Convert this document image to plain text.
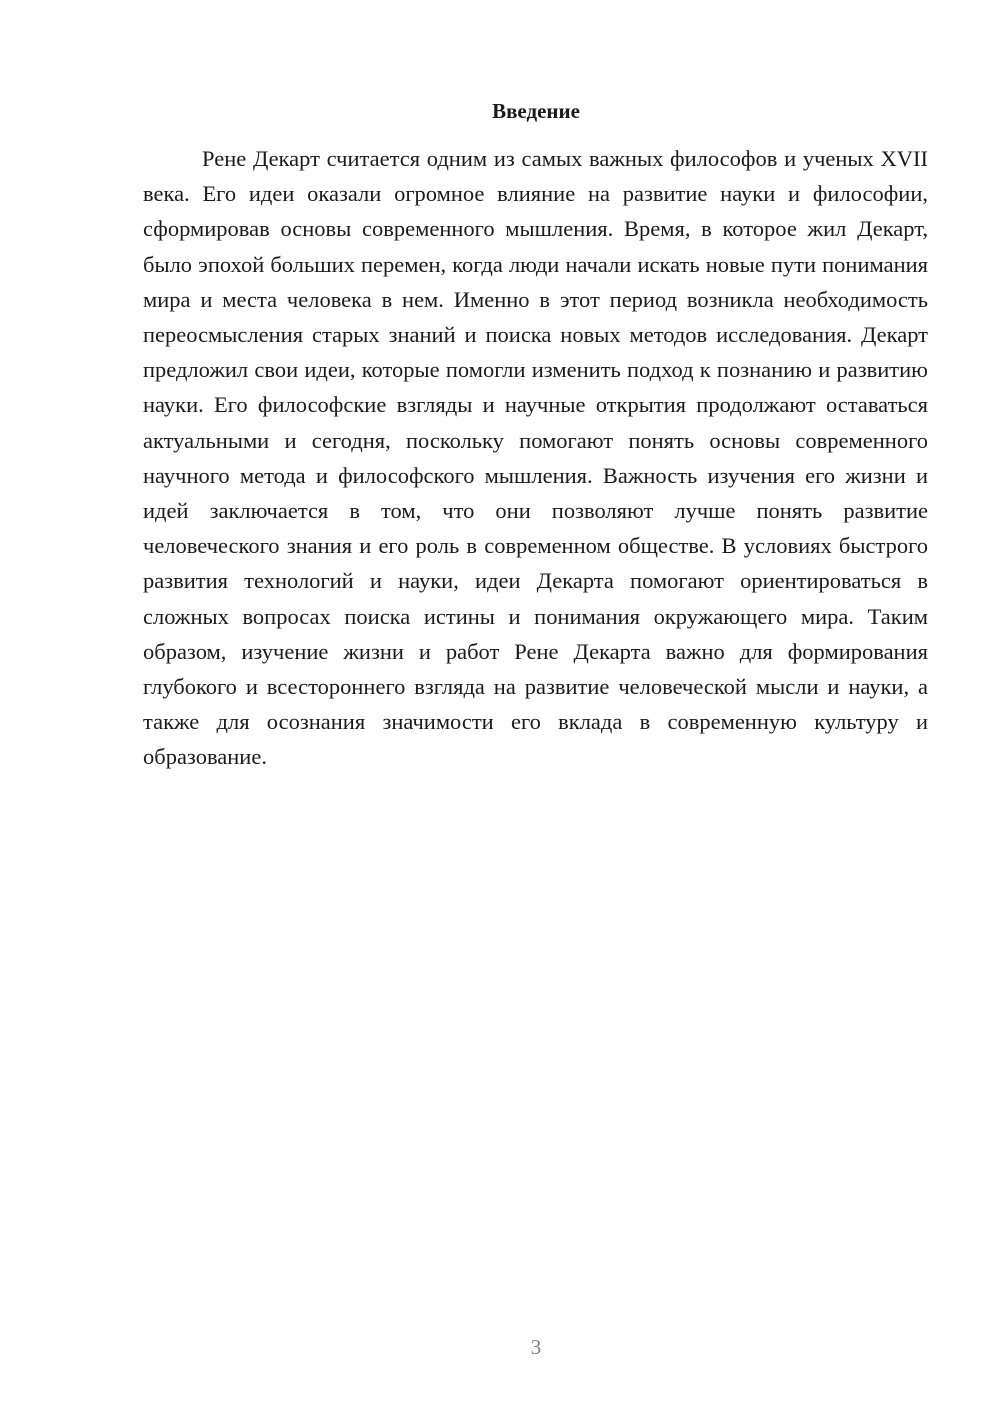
Введение

Рене Декарт считается одним из самых важных философов и ученых XVII века. Его идеи оказали огромное влияние на развитие науки и философии, сформировав основы современного мышления. Время, в которое жил Декарт, было эпохой больших перемен, когда люди начали искать новые пути понимания мира и места человека в нем. Именно в этот период возникла необходимость переосмысления старых знаний и поиска новых методов исследования. Декарт предложил свои идеи, которые помогли изменить подход к познанию и развитию науки. Его философские взгляды и научные открытия продолжают оставаться актуальными и сегодня, поскольку помогают понять основы современного научного метода и философского мышления. Важность изучения его жизни и идей заключается в том, что они позволяют лучше понять развитие человеческого знания и его роль в современном обществе. В условиях быстрого развития технологий и науки, идеи Декарта помогают ориентироваться в сложных вопросах поиска истины и понимания окружающего мира. Таким образом, изучение жизни и работ Рене Декарта важно для формирования глубокого и всестороннего взгляда на развитие человеческой мысли и науки, а также для осознания значимости его вклада в современную культуру и образование.

3
